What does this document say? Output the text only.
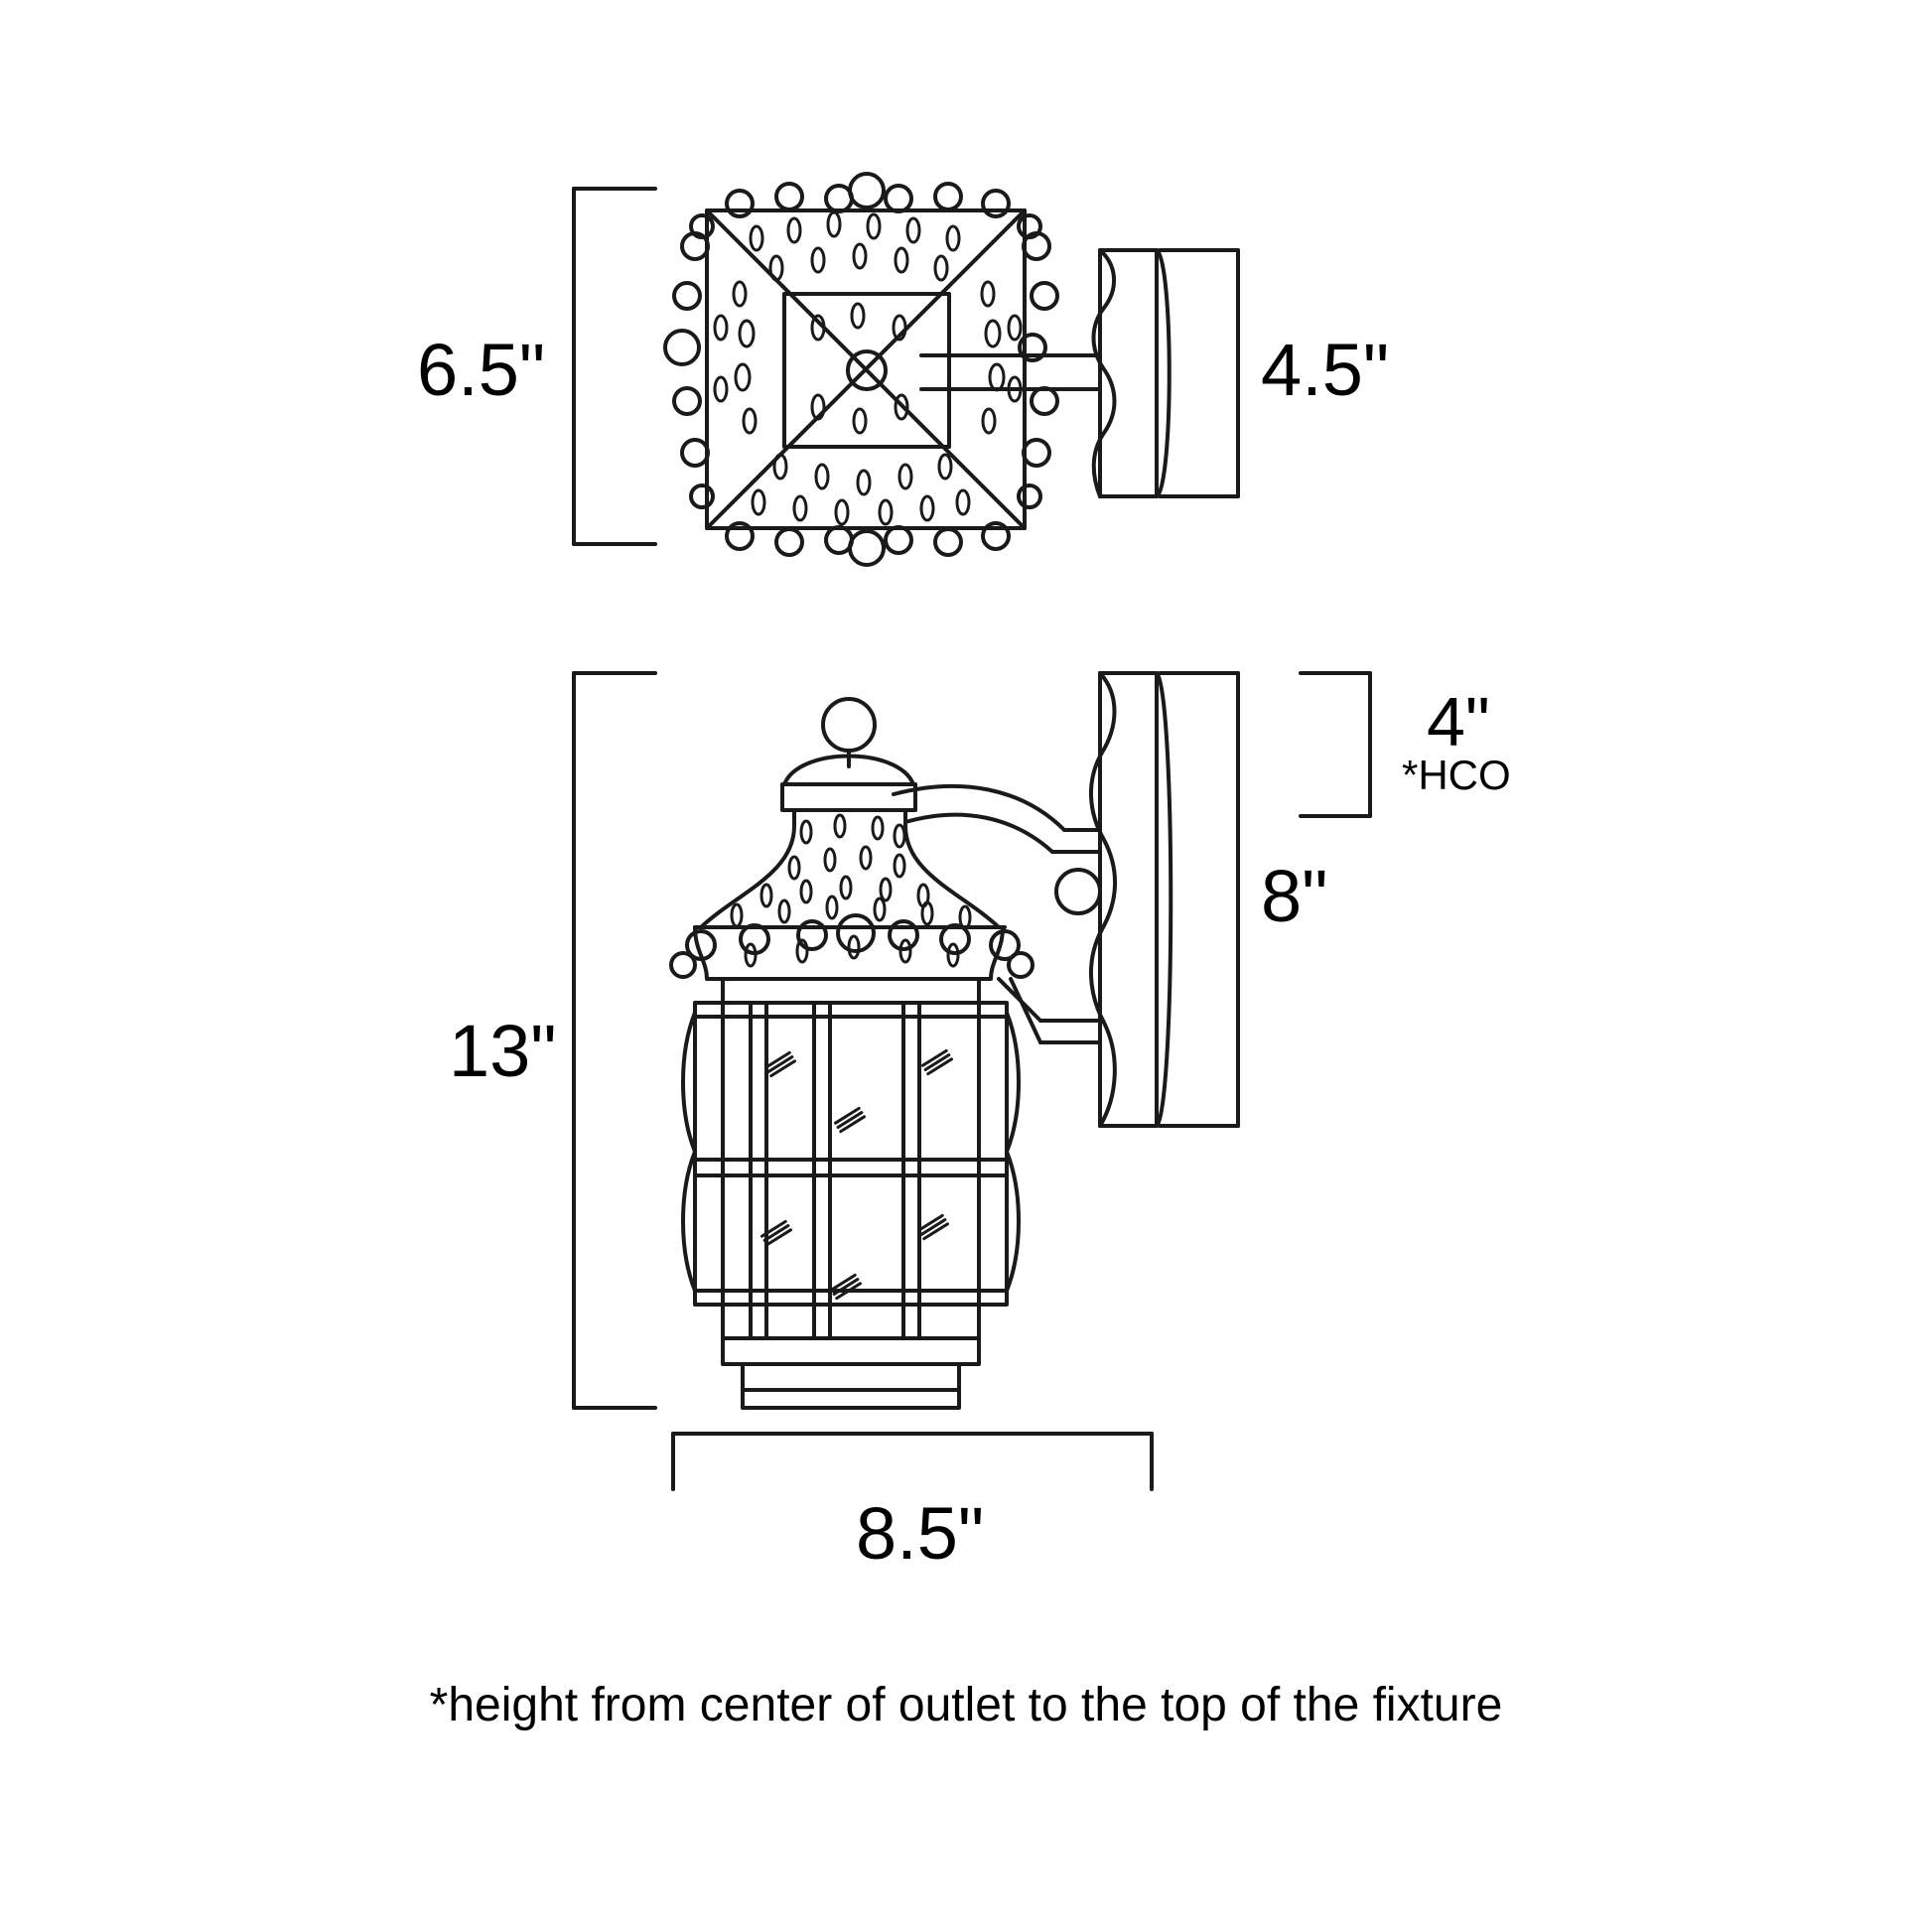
6.5"	4.5"
4"
*HCO
8"
13"
8.5"
*height from center of outlet to the top of the fixture
